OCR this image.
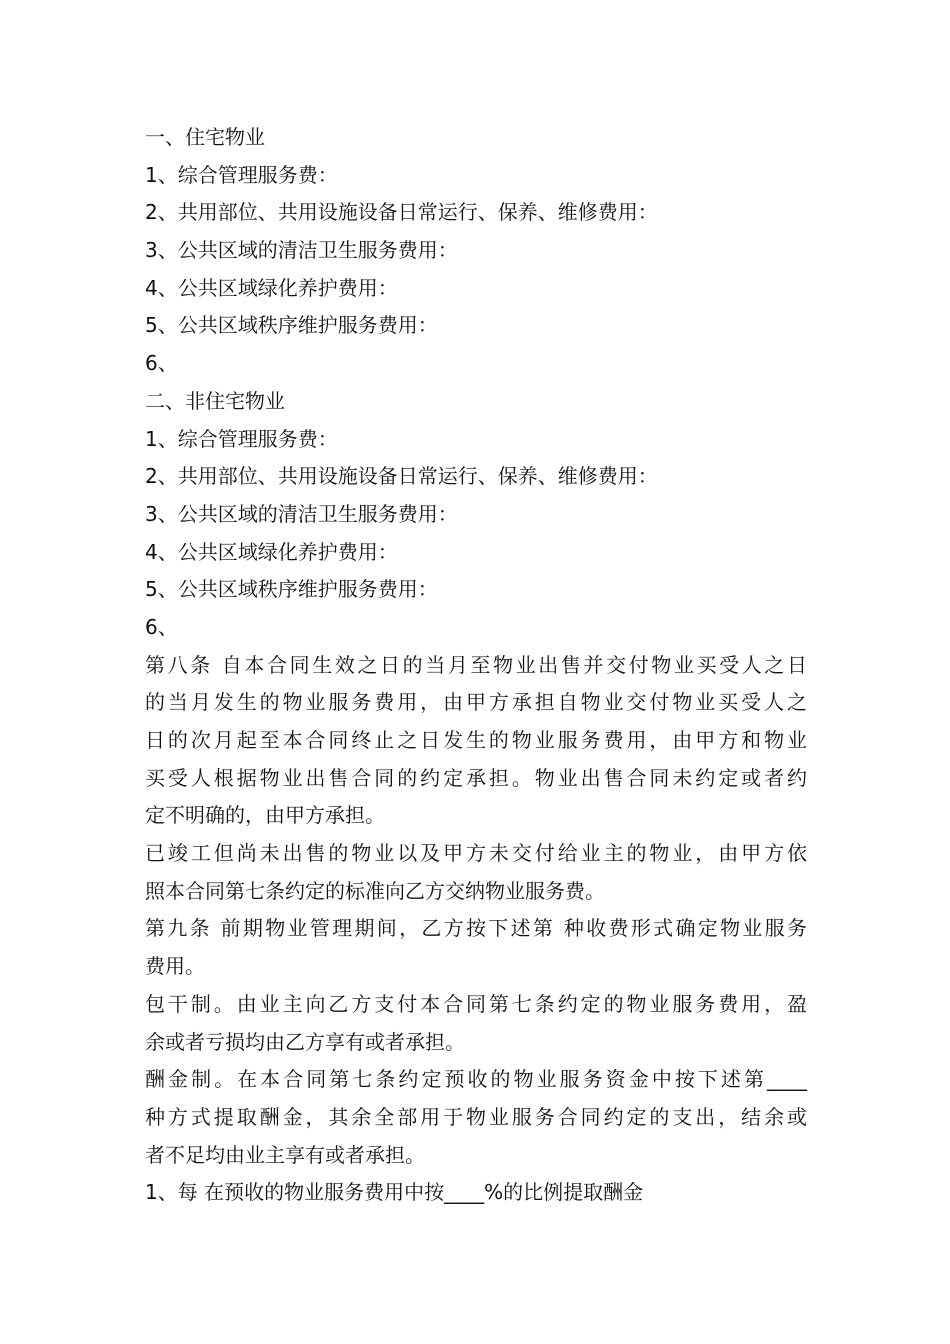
一、住宅物业
1、综合管理服务费：
2、共用部位、共用设施设备日常运行、保养、维修费用：
3、公共区域的清洁卫生服务费用：
4、公共区域绿化养护费用：
5、公共区域秩序维护服务费用：
6、
二、非住宅物业
1、综合管理服务费：
2、共用部位、共用设施设备日常运行、保养、维修费用：
3、公共区域的清洁卫生服务费用：
4、公共区域绿化养护费用：
5、公共区域秩序维护服务费用：
6、
第八条 自本合同生效之日的当月至物业出售并交付物业买受人之日
的当月发生的物业服务费用，由甲方承担自物业交付物业买受人之
日的次月起至本合同终止之日发生的物业服务费用，由甲方和物业
买受人根据物业出售合同的约定承担。物业出售合同未约定或者约
定不明确的，由甲方承担。
已竣工但尚未出售的物业以及甲方未交付给业主的物业，由甲方依
照本合同第七条约定的标准向乙方交纳物业服务费。
第九条 前期物业管理期间，乙方按下述第 种收费形式确定物业服务
费用。
包干制。由业主向乙方支付本合同第七条约定的物业服务费用，盈
余或者亏损均由乙方享有或者承担。
酬金制。在本合同第七条约定预收的物业服务资金中按下述第____
种方式提取酬金，其余全部用于物业服务合同约定的支出，结余或
者不足均由业主享有或者承担。
1、每 在预收的物业服务费用中按____%的比例提取酬金
